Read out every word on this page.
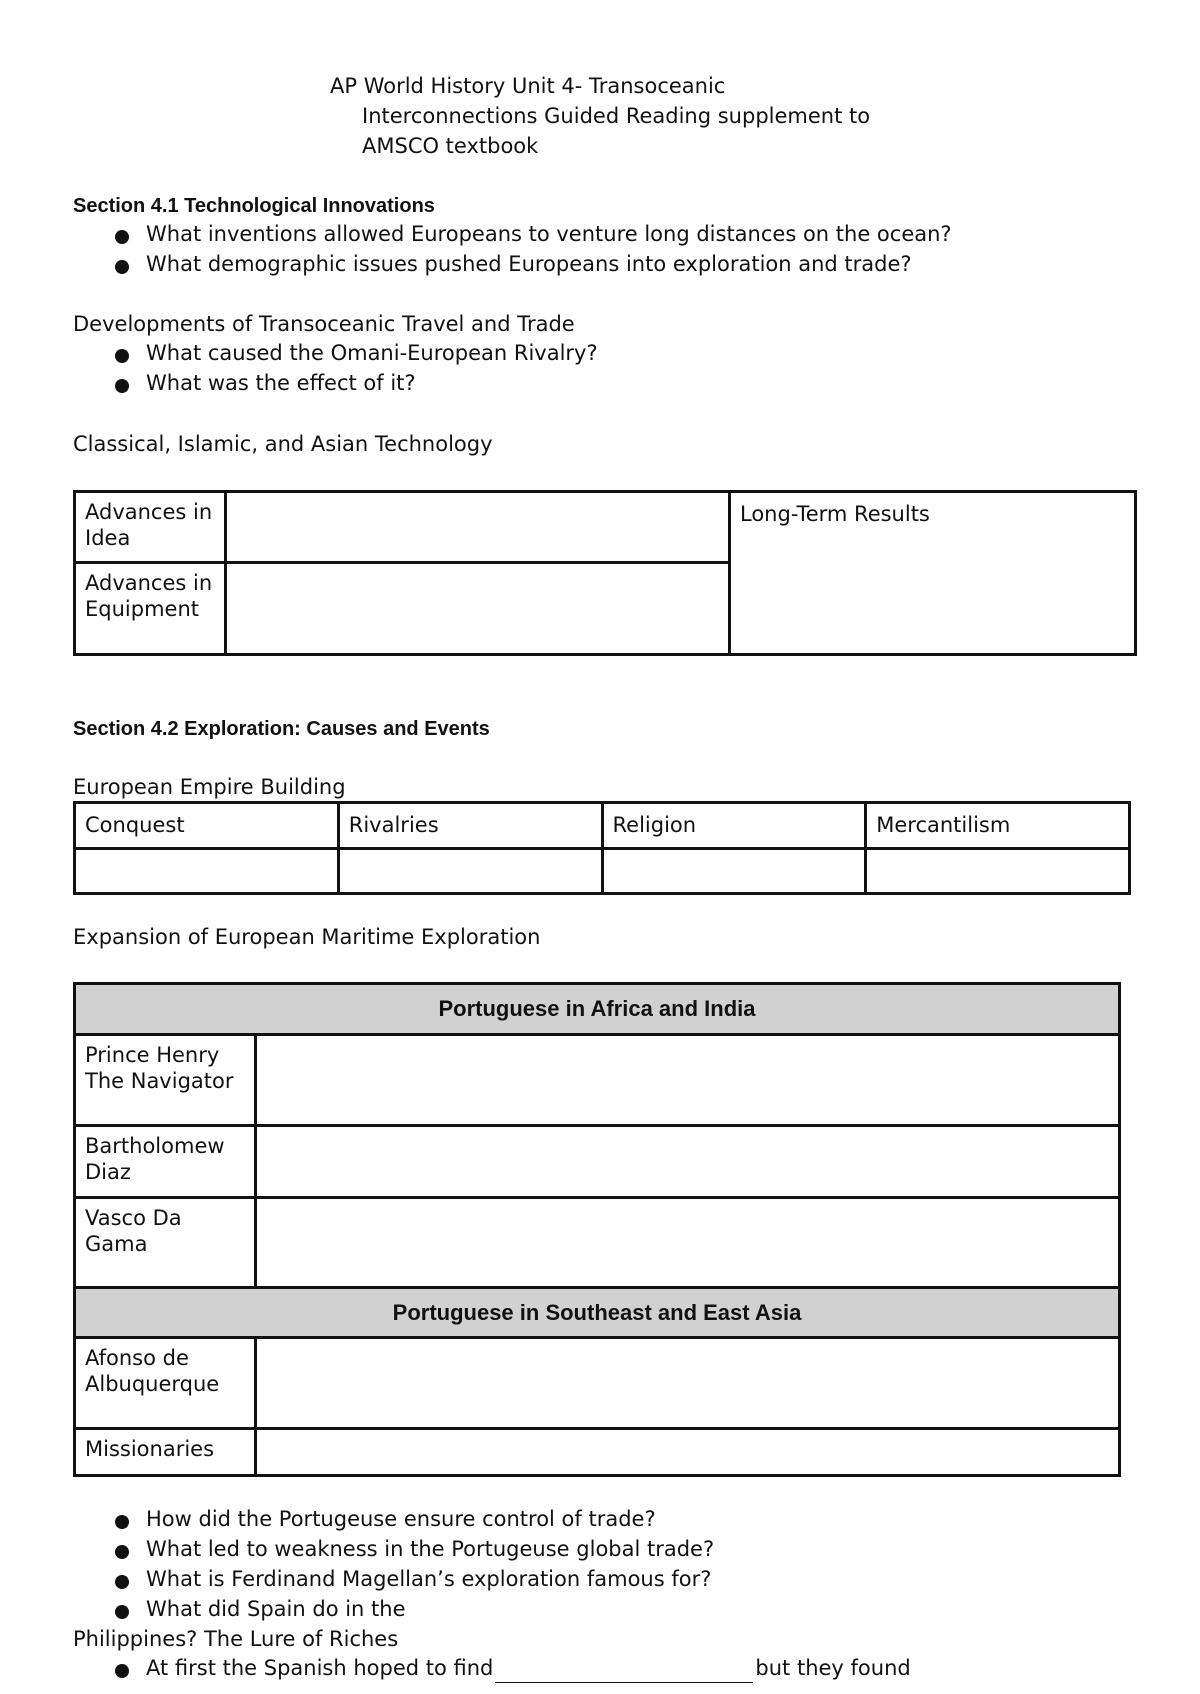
AP World History Unit 4- Transoceanic
Interconnections Guided Reading supplement to
AMSCO textbook
Section 4.1 Technological Innovations
What inventions allowed Europeans to venture long distances on the ocean?
What demographic issues pushed Europeans into exploration and trade?
Developments of Transoceanic Travel and Trade
What caused the Omani-European Rivalry?
What was the effect of it?
Classical, Islamic, and Asian Technology
Advances in Idea		Long-Term Results
Advances in Equipment		
Section 4.2 Exploration: Causes and Events
European Empire Building
Conquest	Rivalries	Religion	Mercantilism

Expansion of European Maritime Exploration
Portuguese in Africa and India	
Prince Henry The Navigator	
Bartholomew Diaz	
Vasco Da Gama	
Portuguese in Southeast and East Asia	
Afonso de Albuquerque	
Missionaries	
How did the Portugeuse ensure control of trade?
What led to weakness in the Portugeuse global trade?
What is Ferdinand Magellan’s exploration famous for?
What did Spain do in the
Philippines? The Lure of Riches
At first the Spanish hoped to find	but they found
